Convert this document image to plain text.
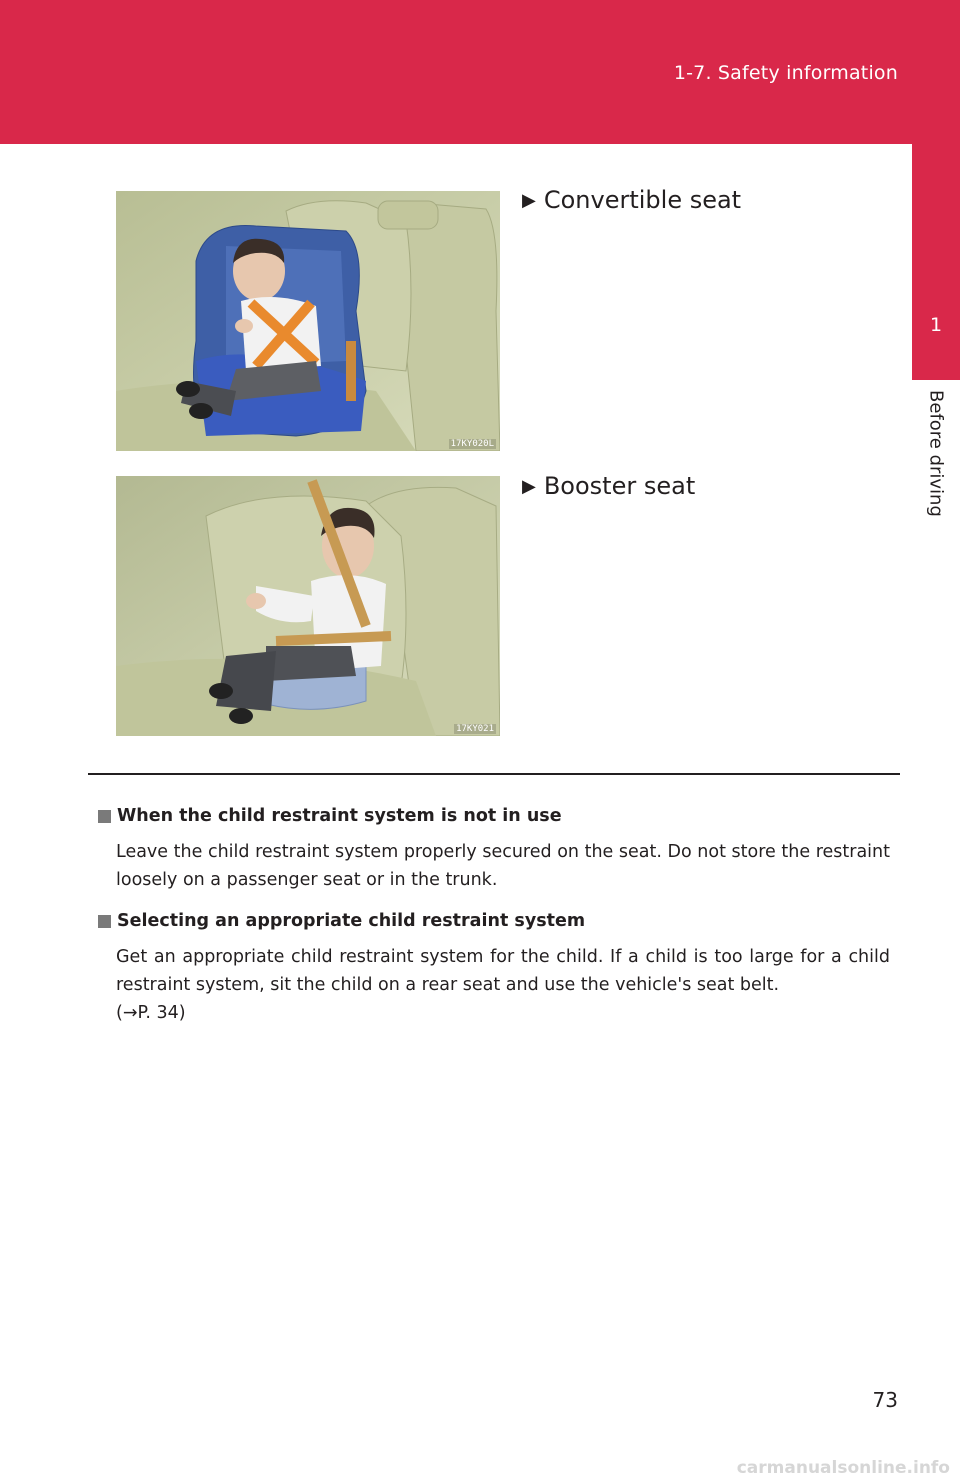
1-7. Safety information
1
Before driving
17KY020L
▶ Convertible seat
17KY021
▶ Booster seat
When the child restraint system is not in use
Leave the child restraint system properly secured on the seat. Do not store the restraint loosely on a passenger seat or in the trunk.
Selecting an appropriate child restraint system
Get an appropriate child restraint system for the child. If a child is too large for a child restraint system, sit the child on a rear seat and use the vehicle's seat belt.
(→P. 34)
73
carmanualsonline.info
